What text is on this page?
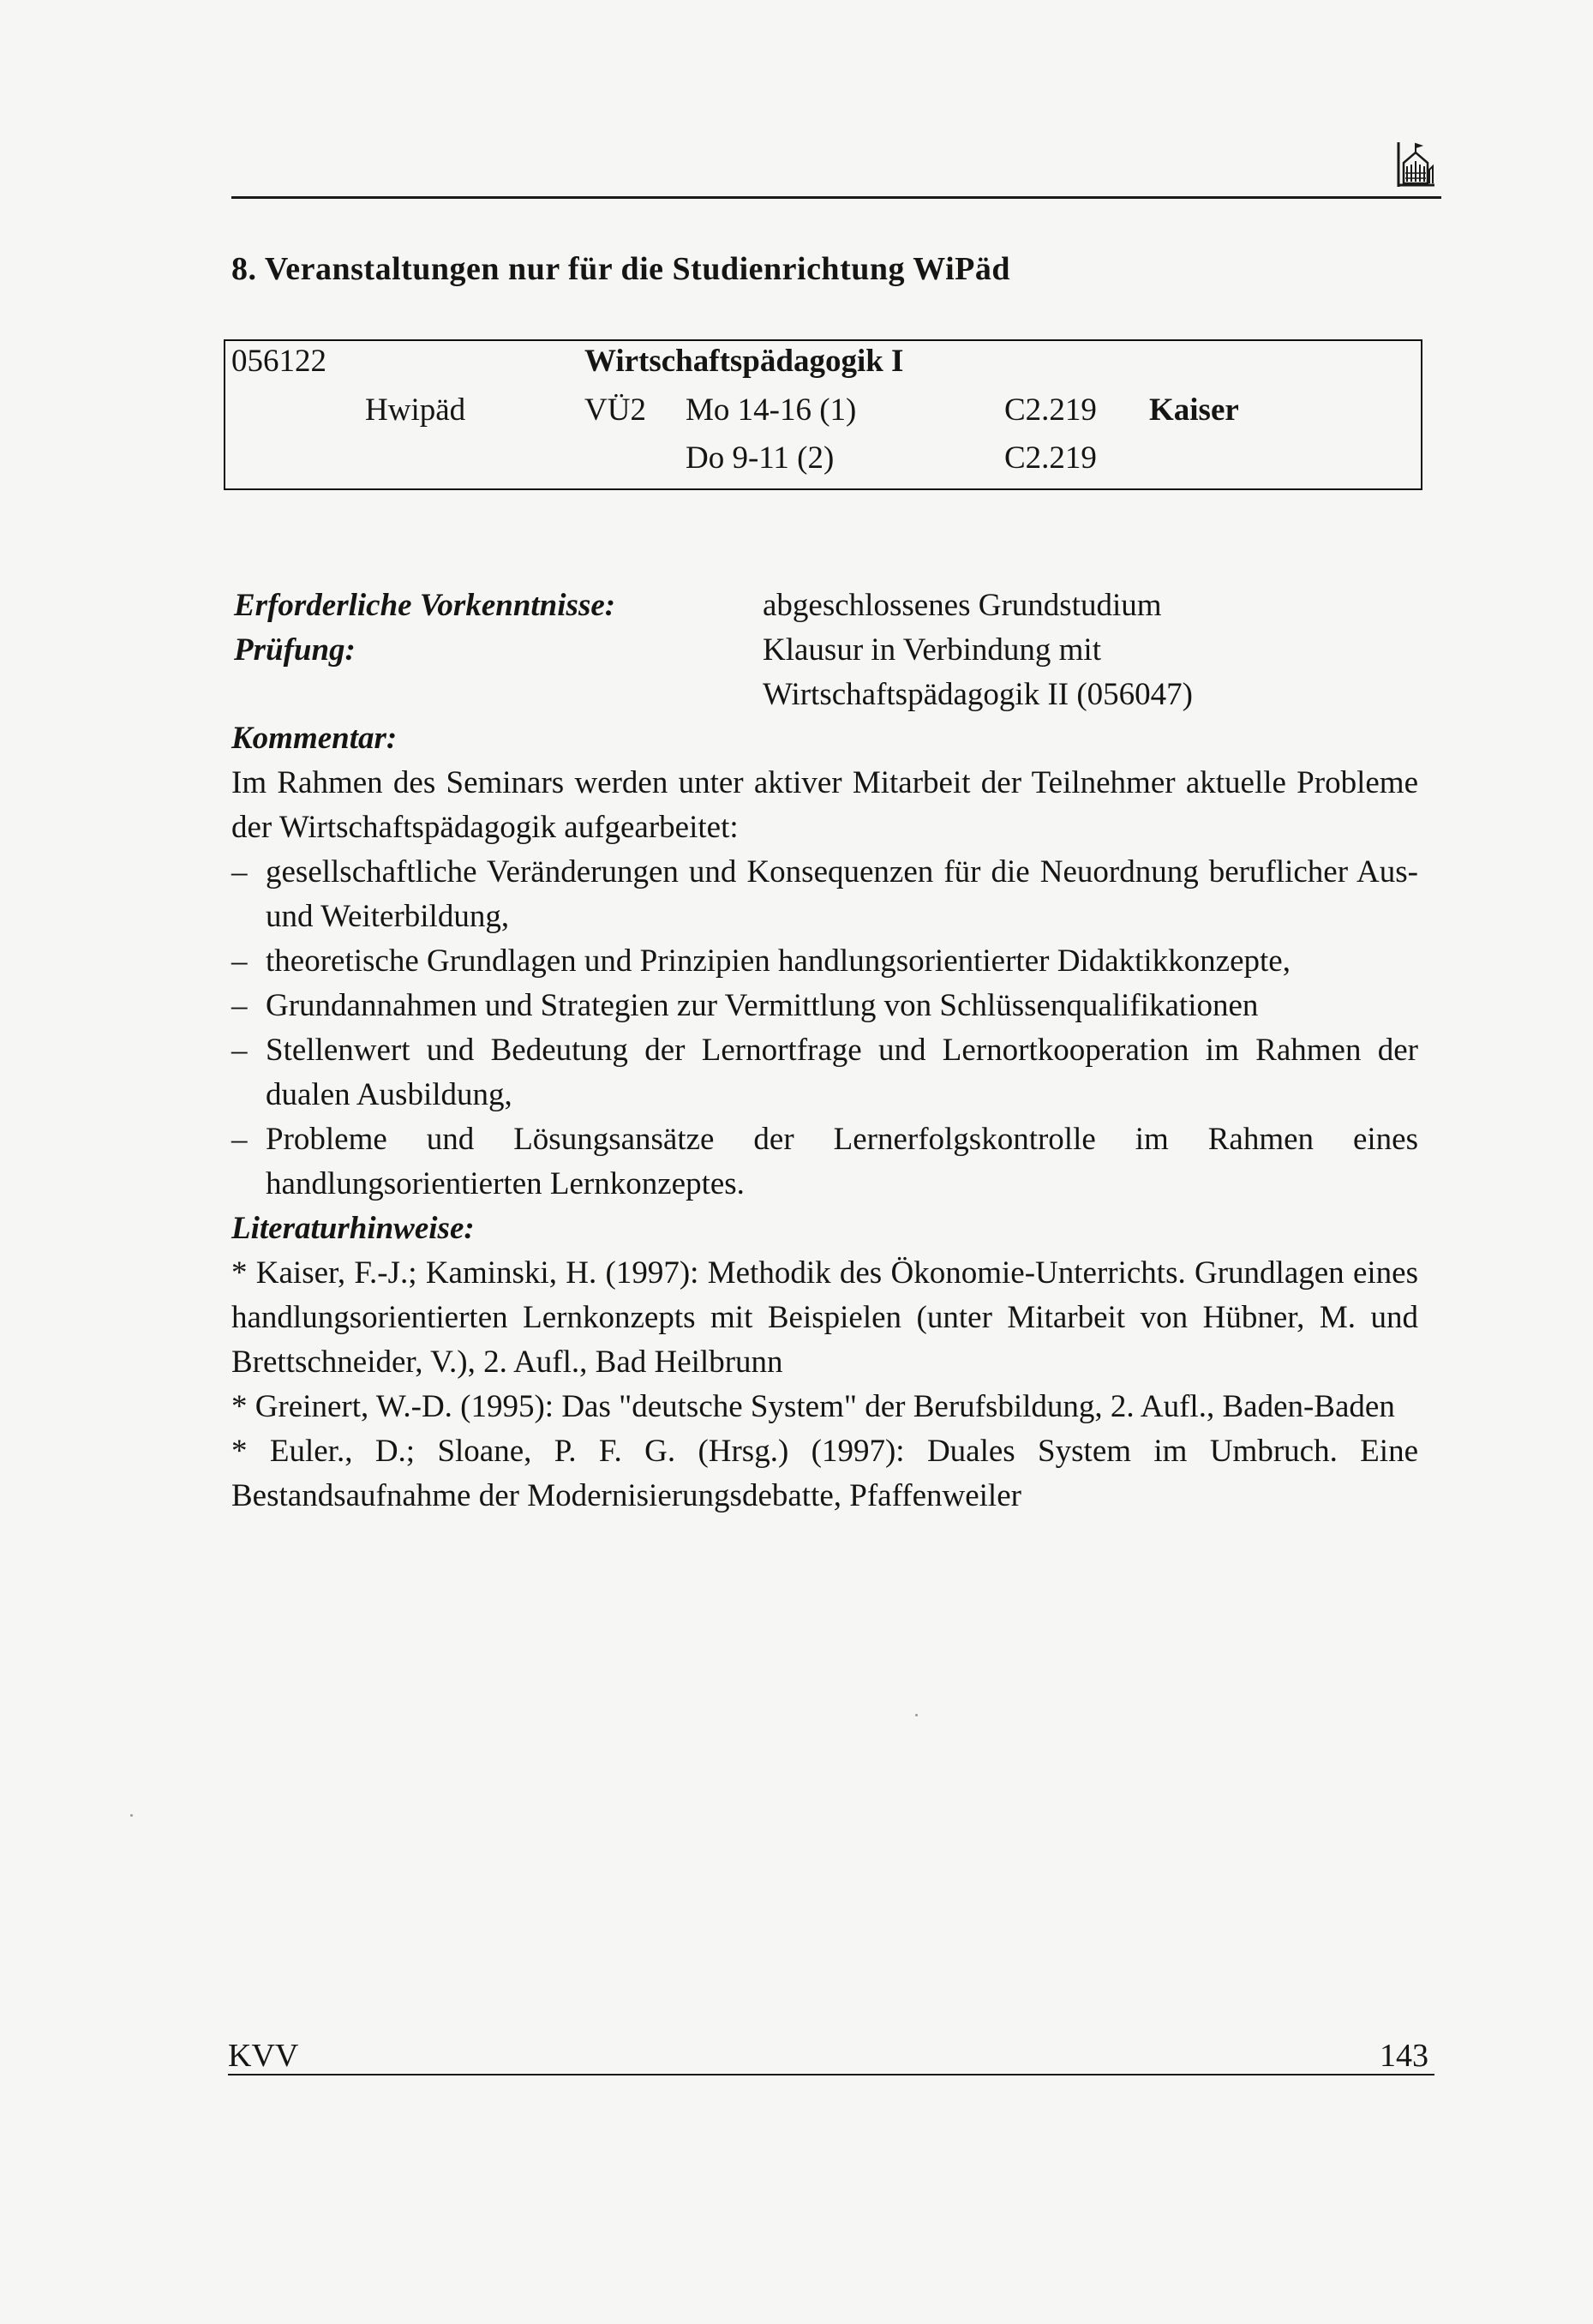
8. Veranstaltungen nur für die Studienrichtung WiPäd
056122	Wirtschaftspädagogik I
Hwipäd	VÜ2 Mo 14-16 (1)	C2.219 Kaiser
Do 9-11 (2)	C2.219
Erforderliche Vorkenntnisse:	abgeschlossenes Grundstudium
Prüfung:	Klausur in Verbindung mit
Wirtschaftspädagogik II (056047)

Kommentar:

Im Rahmen des Seminars werden unter aktiver Mitarbeit der Teilnehmer aktuelle Probleme der Wirtschaftspädagogik aufgearbeitet:

– gesellschaftliche Veränderungen und Konsequenzen für die Neuordnung beruflicher Aus- und Weiterbildung,
– theoretische Grundlagen und Prinzipien handlungsorientierter Didaktikkonzepte,
– Grundannahmen und Strategien zur Vermittlung von Schlüssenqualifikationen
– Stellenwert und Bedeutung der Lernortfrage und Lernortkooperation im Rahmen der dualen Ausbildung,
– Probleme und Lösungsansätze der Lernerfolgskontrolle im Rahmen eines handlungsorientierten Lernkonzeptes.

Literaturhinweise:

* Kaiser, F.-J.; Kaminski, H. (1997): Methodik des Ökonomie-Unterrichts. Grundlagen eines handlungsorientierten Lernkonzepts mit Beispielen (unter Mitarbeit von Hübner, M. und Brettschneider, V.), 2. Aufl., Bad Heilbrunn

* Greinert, W.-D. (1995): Das "deutsche System" der Berufsbildung, 2. Aufl., Baden-Baden

* Euler., D.; Sloane, P. F. G. (Hrsg.) (1997): Duales System im Umbruch. Eine Bestandsaufnahme der Modernisierungsdebatte, Pfaffenweiler

KVV	143
